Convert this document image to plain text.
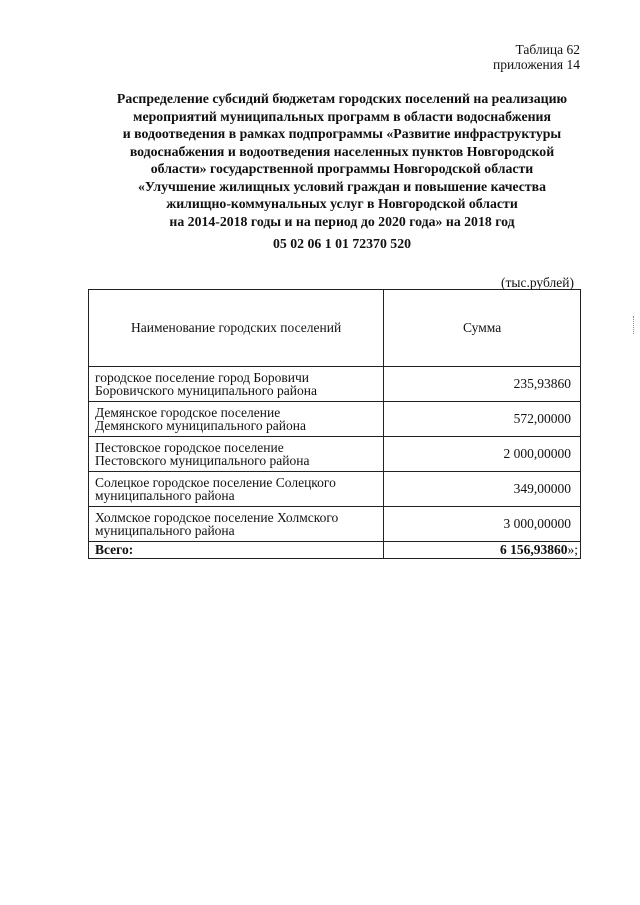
Таблица 62
приложения 14
Распределение субсидий бюджетам городских поселений на реализацию
мероприятий муниципальных программ в области водоснабжения
и водоотведения в рамках подпрограммы «Развитие инфраструктуры
водоснабжения и водоотведения населенных пунктов Новгородской
области» государственной программы Новгородской области
«Улучшение жилищных условий граждан и повышение качества
жилищно-коммунальных услуг в Новгородской области
на 2014-2018 годы и на период до 2020 года» на 2018 год
05 02 06 1 01 72370 520
(тыс.рублей)
Наименование городских поселений	Сумма

городское поселение город Боровичи
Боровичского муниципального района	235,93860

Демянское городское поселение
Демянского муниципального района	572,00000

Пестовское городское поселение
Пестовского муниципального района	2 000,00000

Солецкое городское поселение Солецкого
муниципального района	349,00000

Холмское городское поселение Холмского
муниципального района	3 000,00000
Всего:	6 156,93860»;
